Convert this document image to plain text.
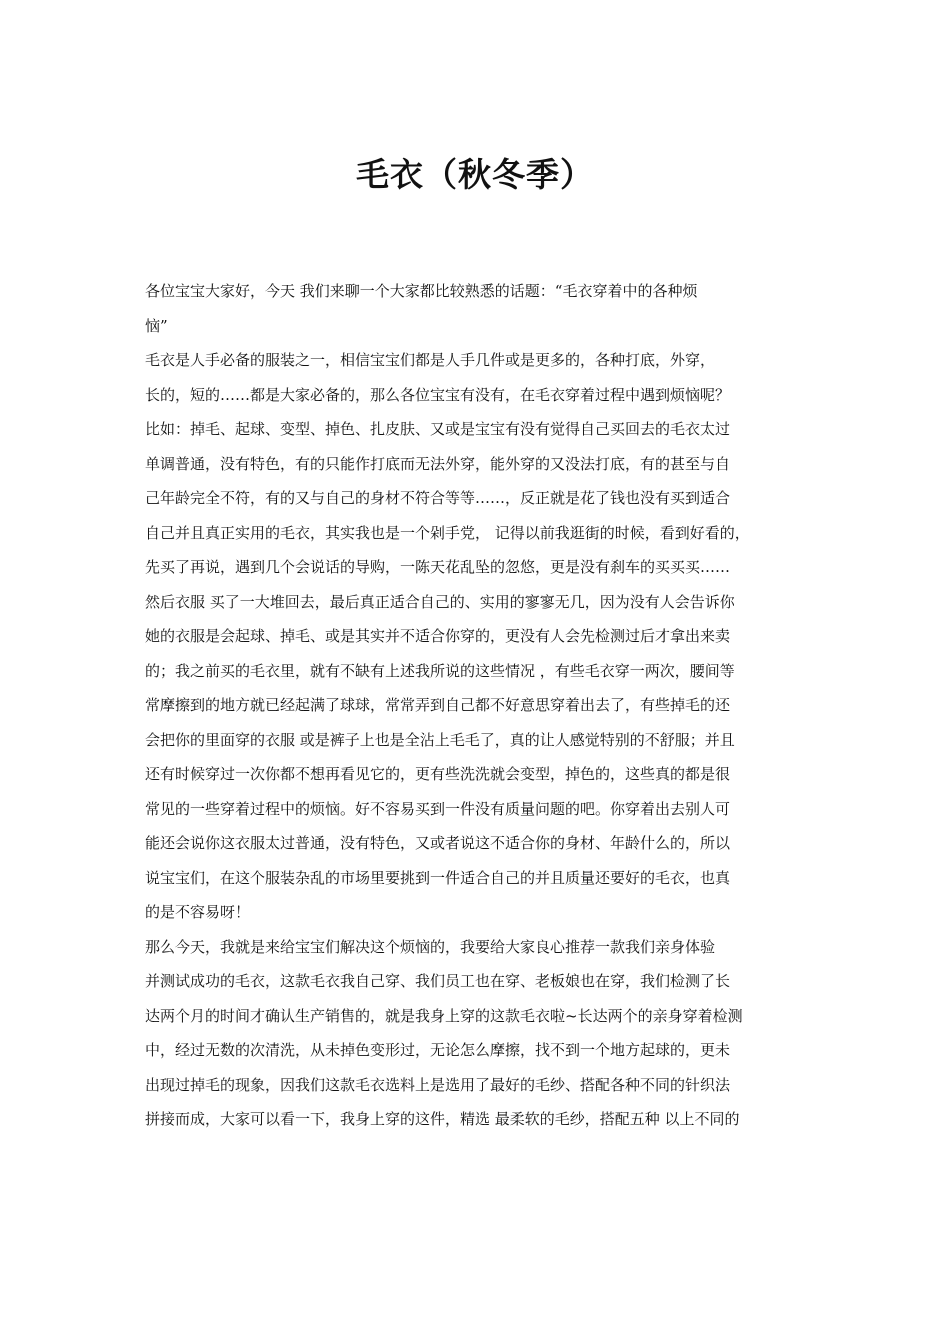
毛衣（秋冬季）
各位宝宝大家好，今天 我们来聊一个大家都比较熟悉的话题：“毛衣穿着中的各种烦
恼”
毛衣是人手必备的服装之一，相信宝宝们都是人手几件或是更多的，各种打底，外穿，
长的，短的……都是大家必备的，那么各位宝宝有没有，在毛衣穿着过程中遇到烦恼呢？
比如：掉毛、起球、变型、掉色、扎皮肤、又或是宝宝有没有觉得自己买回去的毛衣太过
单调普通，没有特色，有的只能作打底而无法外穿，能外穿的又没法打底，有的甚至与自
己年龄完全不符，有的又与自己的身材不符合等等……，反正就是花了钱也没有买到适合
自己并且真正实用的毛衣，其实我也是一个剁手党， 记得以前我逛街的时候，看到好看的，
先买了再说，遇到几个会说话的导购，一陈天花乱坠的忽悠，更是没有刹车的买买买……
然后衣服 买了一大堆回去，最后真正适合自己的、实用的寥寥无几，因为没有人会告诉你
她的衣服是会起球、掉毛、或是其实并不适合你穿的，更没有人会先检测过后才拿出来卖
的；我之前买的毛衣里，就有不缺有上述我所说的这些情况 ，有些毛衣穿一两次，腰间等
常摩擦到的地方就已经起满了球球，常常弄到自己都不好意思穿着出去了，有些掉毛的还
会把你的里面穿的衣服 或是裤子上也是全沾上毛毛了，真的让人感觉特别的不舒服；并且
还有时候穿过一次你都不想再看见它的，更有些洗洗就会变型，掉色的，这些真的都是很
常见的一些穿着过程中的烦恼。好不容易买到一件没有质量问题的吧。你穿着出去别人可
能还会说你这衣服太过普通，没有特色，又或者说这不适合你的身材、年龄什么的，所以
说宝宝们，在这个服装杂乱的市场里要挑到一件适合自己的并且质量还要好的毛衣，也真
的是不容易呀！
那么今天，我就是来给宝宝们解决这个烦恼的，我要给大家良心推荐一款我们亲身体验
并测试成功的毛衣，这款毛衣我自己穿、我们员工也在穿、老板娘也在穿，我们检测了长
达两个月的时间才确认生产销售的，就是我身上穿的这款毛衣啦~长达两个的亲身穿着检测
中，经过无数的次清洗，从未掉色变形过，无论怎么摩擦，找不到一个地方起球的，更未
出现过掉毛的现象，因我们这款毛衣选料上是选用了最好的毛纱、搭配各种不同的针织法
拼接而成，大家可以看一下，我身上穿的这件，精选 最柔软的毛纱，搭配五种 以上不同的
